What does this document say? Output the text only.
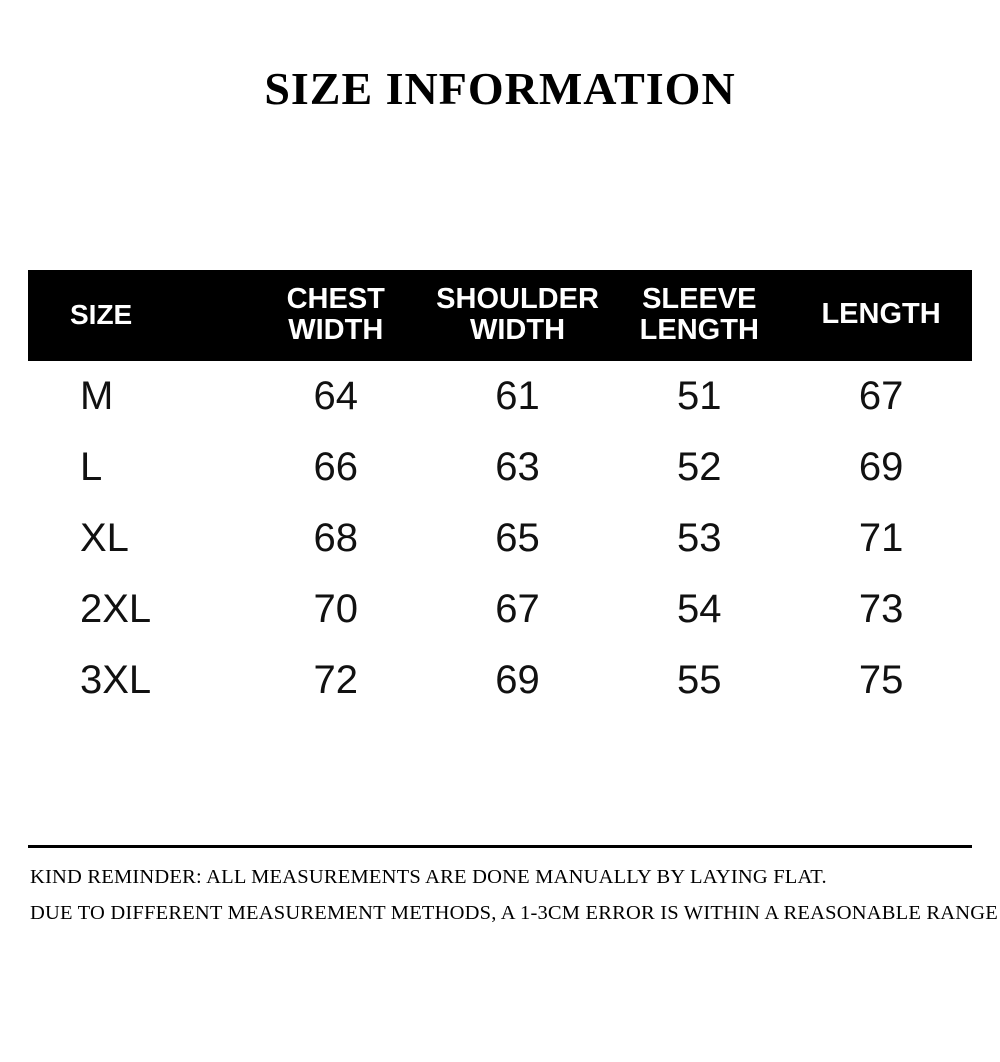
SIZE INFORMATION
SIZE	CHEST WIDTH	SHOULDER WIDTH	SLEEVE LENGTH	LENGTH
M	64	61	51	67
L	66	63	52	69
XL	68	65	53	71
2XL	70	67	54	73
3XL	72	69	55	75
KIND REMINDER: ALL MEASUREMENTS ARE DONE MANUALLY BY LAYING FLAT.
DUE TO DIFFERENT MEASUREMENT METHODS, A 1-3CM ERROR IS WITHIN A REASONABLE RANGE
